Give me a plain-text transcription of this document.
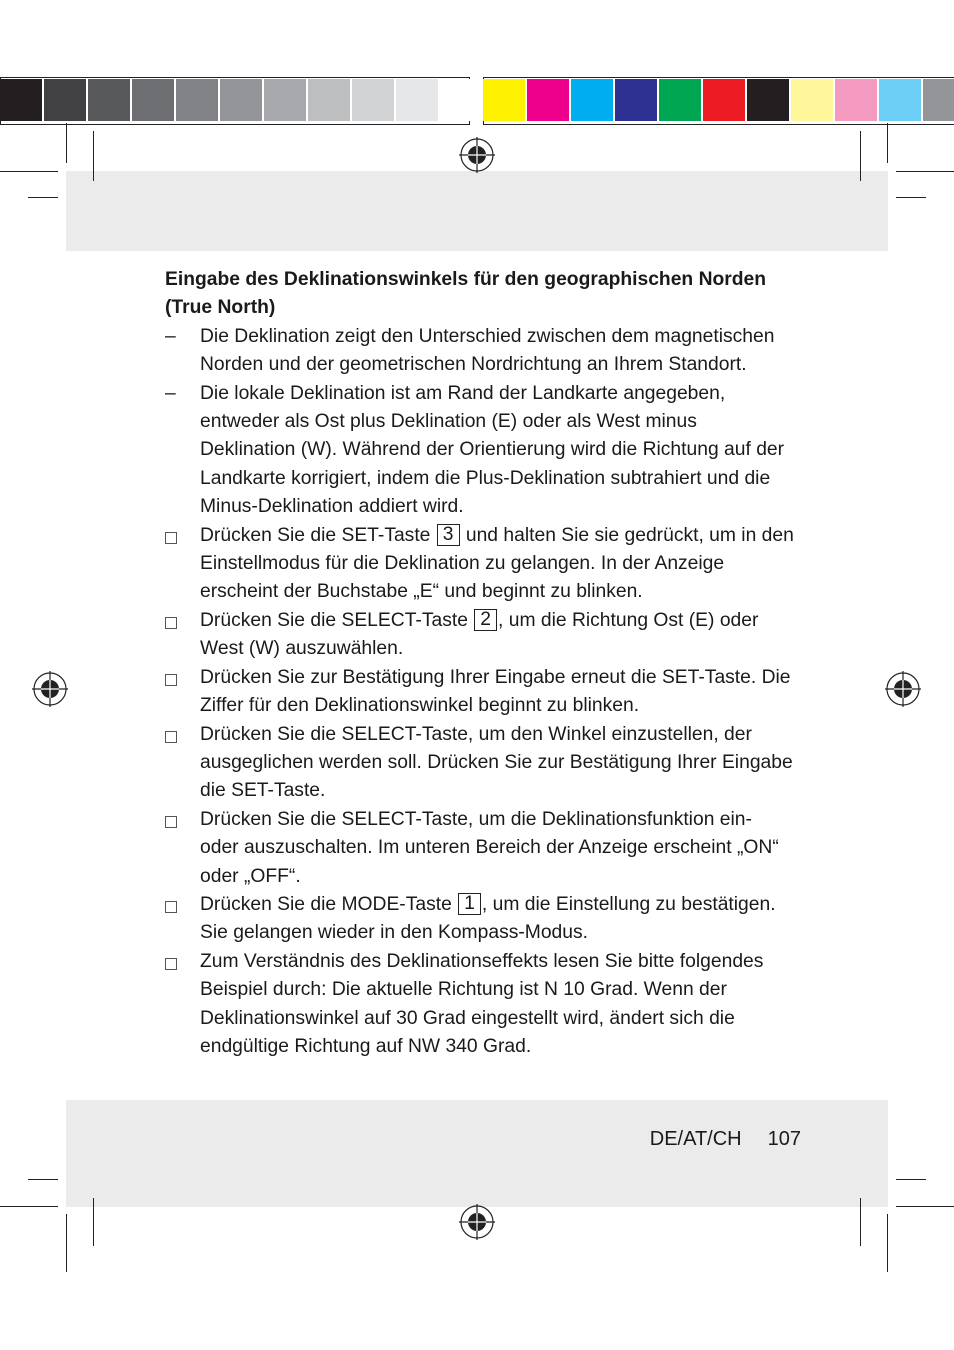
Eingabe des Deklinationswinkels für den geographischen Norden (True North)

–	Die Deklination zeigt den Unterschied zwischen dem magnetischen Norden und der geometrischen Nordrichtung an Ihrem Standort.
–	Die lokale Deklination ist am Rand der Landkarte angegeben, entweder als Ost plus Deklination (E) oder als West minus Deklination (W). Während der Orientierung wird die Richtung auf der Landkarte korrigiert, indem die Plus-Deklination subtrahiert und die Minus-Deklination addiert wird.
Drücken Sie die SET-Taste 3 und halten Sie sie gedrückt, um in den Einstellmodus für die Deklination zu gelangen. In der Anzeige erscheint der Buchstabe „E“ und beginnt zu blinken.
Drücken Sie die SELECT-Taste 2 , um die Richtung Ost (E) oder West (W) auszuwählen.
Drücken Sie zur Bestätigung Ihrer Eingabe erneut die SET-Taste. Die Ziffer für den Deklinationswinkel beginnt zu blinken.
Drücken Sie die SELECT-Taste, um den Winkel einzustellen, der ausgeglichen werden soll. Drücken Sie zur Bestätigung Ihrer Eingabe die SET-Taste.
Drücken Sie die SELECT-Taste, um die Deklinationsfunktion ein- oder auszuschalten. Im unteren Bereich der Anzeige erscheint „ON“ oder „OFF“.
Drücken Sie die MODE-Taste 1 , um die Einstellung zu bestätigen. Sie gelangen wieder in den Kompass-Modus.
Zum Verständnis des Deklinationseffekts lesen Sie bitte folgendes Beispiel durch: Die aktuelle Richtung ist N 10 Grad. Wenn der Deklinationswinkel auf 30 Grad eingestellt wird, ändert sich die endgültige Richtung auf NW 340 Grad.
DE/AT/CH 107
